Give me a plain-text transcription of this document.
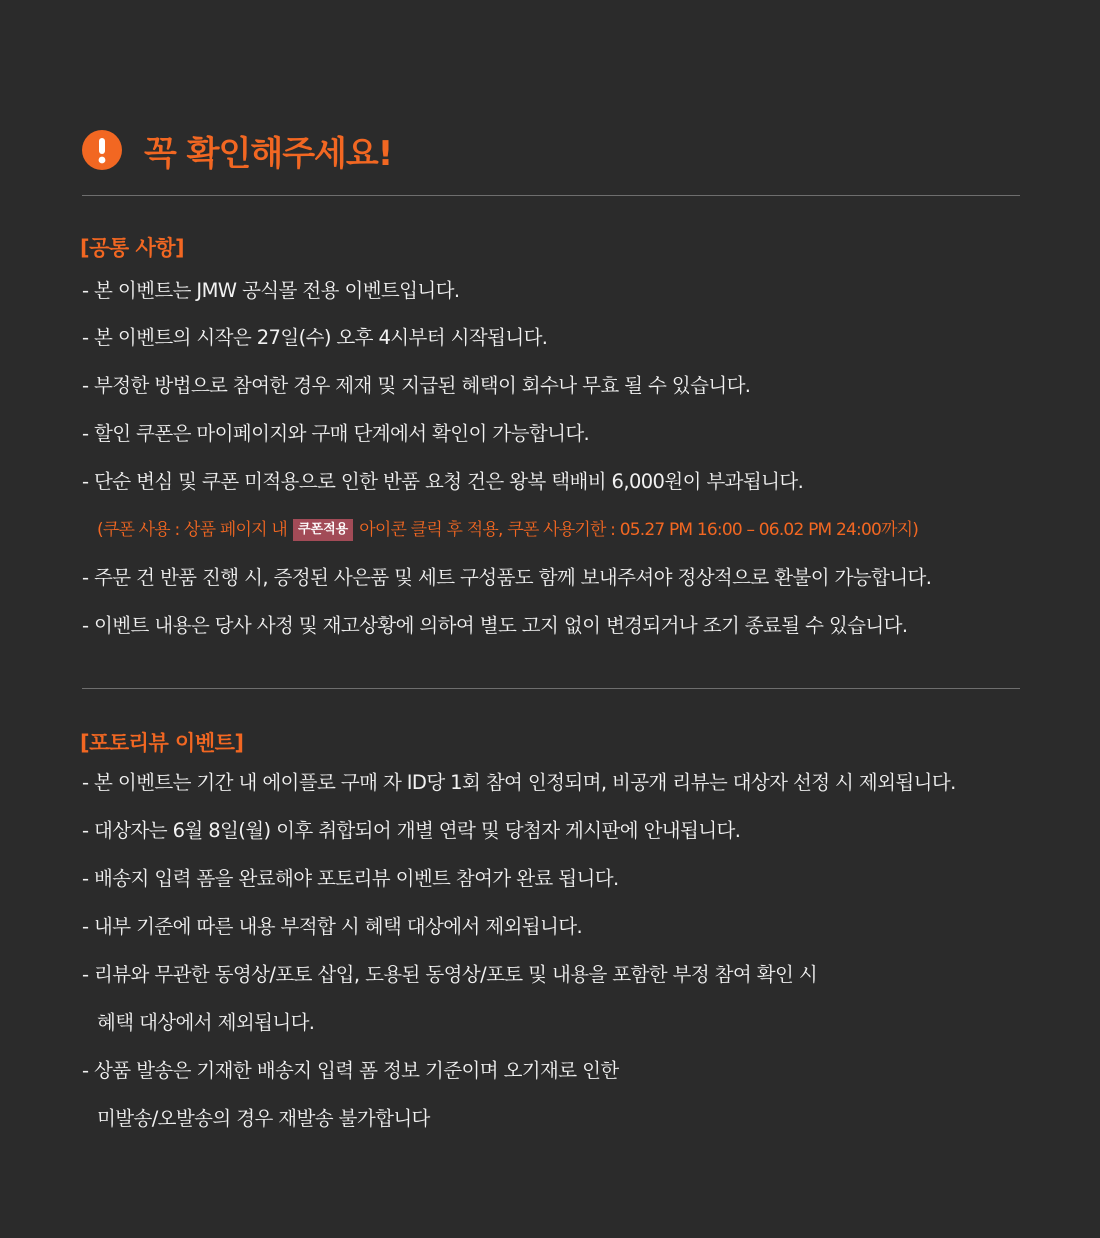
꼭 확인해주세요!
[공통 사항]
- 본 이벤트는 JMW 공식몰 전용 이벤트입니다.
- 본 이벤트의 시작은 27일(수) 오후 4시부터 시작됩니다.
- 부정한 방법으로 참여한 경우 제재 및 지급된 혜택이 회수나 무효 될 수 있습니다.
- 할인 쿠폰은 마이페이지와 구매 단계에서 확인이 가능합니다.
- 단순 변심 및 쿠폰 미적용으로 인한 반품 요청 건은 왕복 택배비 6,000원이 부과됩니다.
(쿠폰 사용 : 상품 페이지 내 쿠폰적용 아이콘 클릭 후 적용, 쿠폰 사용기한 : 05.27 PM 16:00 – 06.02 PM 24:00까지)
- 주문 건 반품 진행 시, 증정된 사은품 및 세트 구성품도 함께 보내주셔야 정상적으로 환불이 가능합니다.
- 이벤트 내용은 당사 사정 및 재고상황에 의하여 별도 고지 없이 변경되거나 조기 종료될 수 있습니다.
[포토리뷰 이벤트]
- 본 이벤트는 기간 내 에이플로 구매 자 ID당 1회 참여 인정되며, 비공개 리뷰는 대상자 선정 시 제외됩니다.
- 대상자는 6월 8일(월) 이후 취합되어 개별 연락 및 당첨자 게시판에 안내됩니다.
- 배송지 입력 폼을 완료해야 포토리뷰 이벤트 참여가 완료 됩니다.
- 내부 기준에 따른 내용 부적합 시 혜택 대상에서 제외됩니다.
- 리뷰와 무관한 동영상/포토 삽입, 도용된 동영상/포토 및 내용을 포함한 부정 참여 확인 시
혜택 대상에서 제외됩니다.
- 상품 발송은 기재한 배송지 입력 폼 정보 기준이며 오기재로 인한
미발송/오발송의 경우 재발송 불가합니다
